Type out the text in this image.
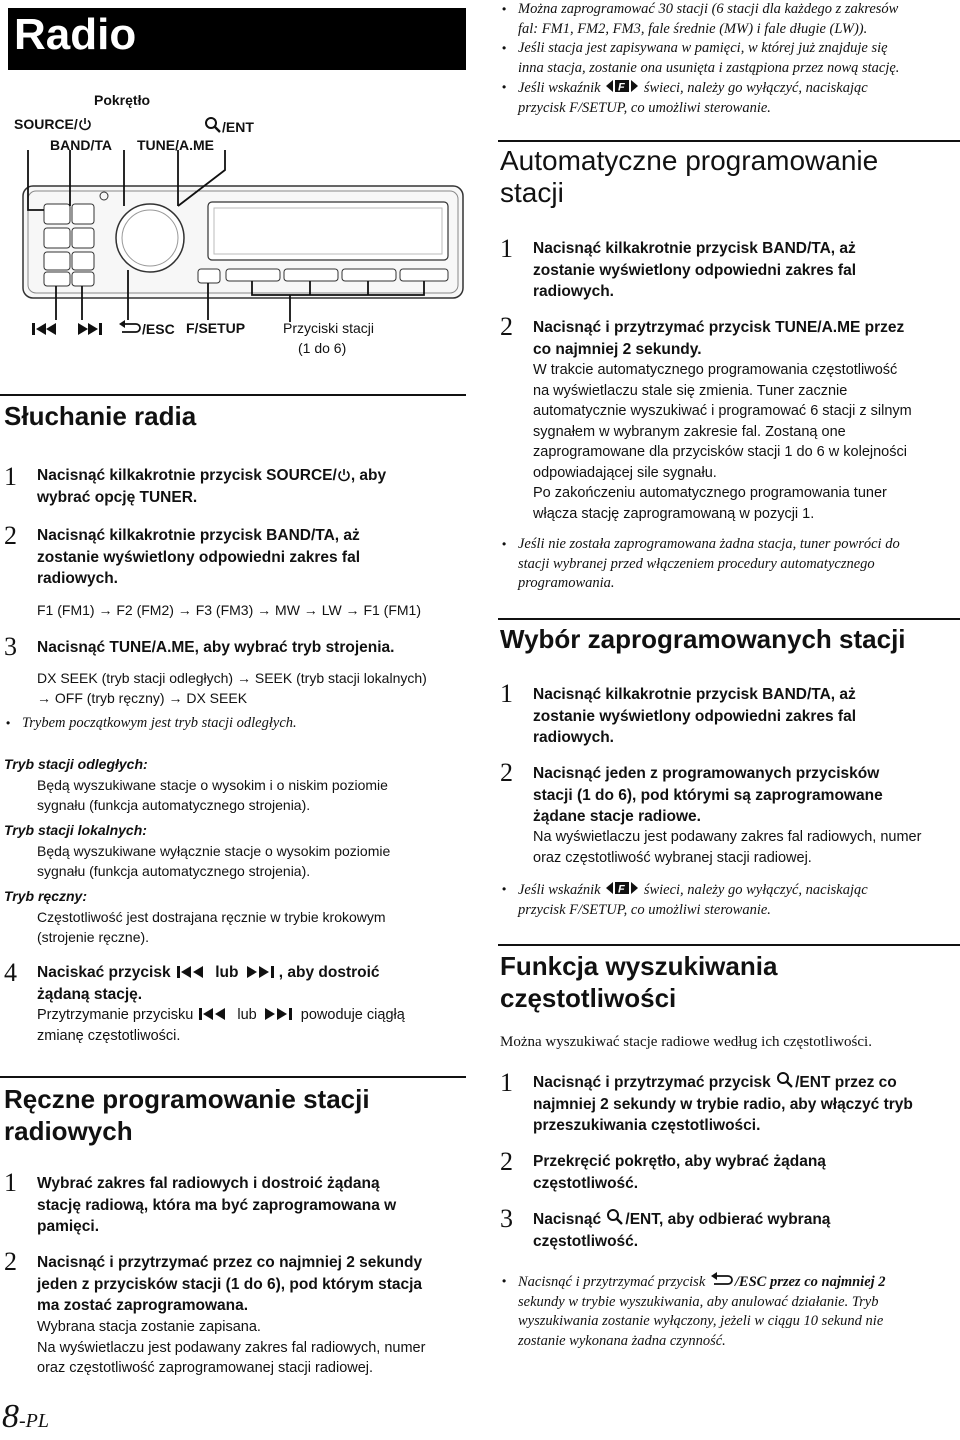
Radio
Pokrętło
SOURCE/
BAND/TA TUNE/A.ME
/ENT
/ESC F/SETUP	Przyciski stacji
(1 do 6)
Słuchanie radia
1 Nacisnąć kilkakrotnie przycisk SOURCE/ , aby
wybrać opcję TUNER.
2 Nacisnąć kilkakrotnie przycisk BAND/TA, aż
zostanie wyświetlony odpowiedni zakres fal
radiowych.
F1 (FM1) → F2 (FM2) → F3 (FM3) → MW → LW → F1 (FM1)
3 Nacisnąć TUNE/A.ME, aby wybrać tryb strojenia.
DX SEEK (tryb stacji odległych) → SEEK (tryb stacji lokalnych)
→ OFF (tryb ręczny) → DX SEEK
• Trybem początkowym jest tryb stacji odległych.
Tryb stacji odległych:
Będą wyszukiwane stacje o wysokim i o niskim poziomie
sygnału (funkcja automatycznego strojenia).
Tryb stacji lokalnych:
Będą wyszukiwane wyłącznie stacje o wysokim poziomie
sygnału (funkcja automatycznego strojenia).
Tryb ręczny:
Częstotliwość jest dostrajana ręcznie w trybie krokowym
(strojenie ręczne).
4 Naciskać przycisk	lub	, aby dostroić
żądaną stację.
Przytrzymanie przycisku	lub	powoduje ciągłą
zmianę częstotliwości.
Ręczne programowanie stacji
radiowych
1 Wybrać zakres fal radiowych i dostroić żądaną
stację radiową, która ma być zaprogramowana w
pamięci.
2 Nacisnąć i przytrzymać przez co najmniej 2 sekundy
jeden z przycisków stacji (1 do 6), pod którym stacja
ma zostać zaprogramowana.
Wybrana stacja zostanie zapisana.
Na wyświetlaczu jest podawany zakres fal radiowych, numer
oraz częstotliwość zaprogramowanej stacji radiowej.
8-PL
• Można zaprogramować 30 stacji (6 stacji dla każdego z zakresów
fal: FM1, FM2, FM3, fale średnie (MW) i fale długie (LW)).
• Jeśli stacja jest zapisywana w pamięci, w której już znajduje się
inna stacja, zostanie ona usunięta i zastąpiona przez nową stację.
• Jeśli wskaźnik F świeci, należy go wyłączyć, naciskając
przycisk F/SETUP, co umożliwi sterowanie.
Automatyczne programowanie
stacji
1 Nacisnąć kilkakrotnie przycisk BAND/TA, aż
zostanie wyświetlony odpowiedni zakres fal
radiowych.
2 Nacisnąć i przytrzymać przycisk TUNE/A.ME przez
co najmniej 2 sekundy.
W trakcie automatycznego programowania częstotliwość
na wyświetlaczu stale się zmienia. Tuner zacznie
automatycznie wyszukiwać i programować 6 stacji z silnym
sygnałem w wybranym zakresie fal. Zostaną one
zaprogramowane dla przycisków stacji 1 do 6 w kolejności
odpowiadającej sile sygnału.
Po zakończeniu automatycznego programowania tuner
włącza stację zaprogramowaną w pozycji 1.
• Jeśli nie została zaprogramowana żadna stacja, tuner powróci do
stacji wybranej przed włączeniem procedury automatycznego
programowania.
Wybór zaprogramowanych stacji
1 Nacisnąć kilkakrotnie przycisk BAND/TA, aż
zostanie wyświetlony odpowiedni zakres fal
radiowych.
2 Nacisnąć jeden z programowanych przycisków
stacji (1 do 6), pod którymi są zaprogramowane
żądane stacje radiowe.
Na wyświetlaczu jest podawany zakres fal radiowych, numer
oraz częstotliwość wybranej stacji radiowej.
• Jeśli wskaźnik F świeci, należy go wyłączyć, naciskając
przycisk F/SETUP, co umożliwi sterowanie.
Funkcja wyszukiwania
częstotliwości
Można wyszukiwać stacje radiowe według ich częstotliwości.
1 Nacisnąć i przytrzymać przycisk /ENT przez co
najmniej 2 sekundy w trybie radio, aby włączyć tryb
przeszukiwania częstotliwości.
2 Przekręcić pokrętło, aby wybrać żądaną
częstotliwość.
3 Nacisnąć /ENT, aby odbierać wybraną
częstotliwość.
• Nacisnąć i przytrzymać przycisk /ESC przez co najmniej 2
sekundy w trybie wyszukiwania, aby anulować działanie. Tryb
wyszukiwania zostanie wyłączony, jeżeli w ciągu 10 sekund nie
zostanie wykonana żadna czynność.
